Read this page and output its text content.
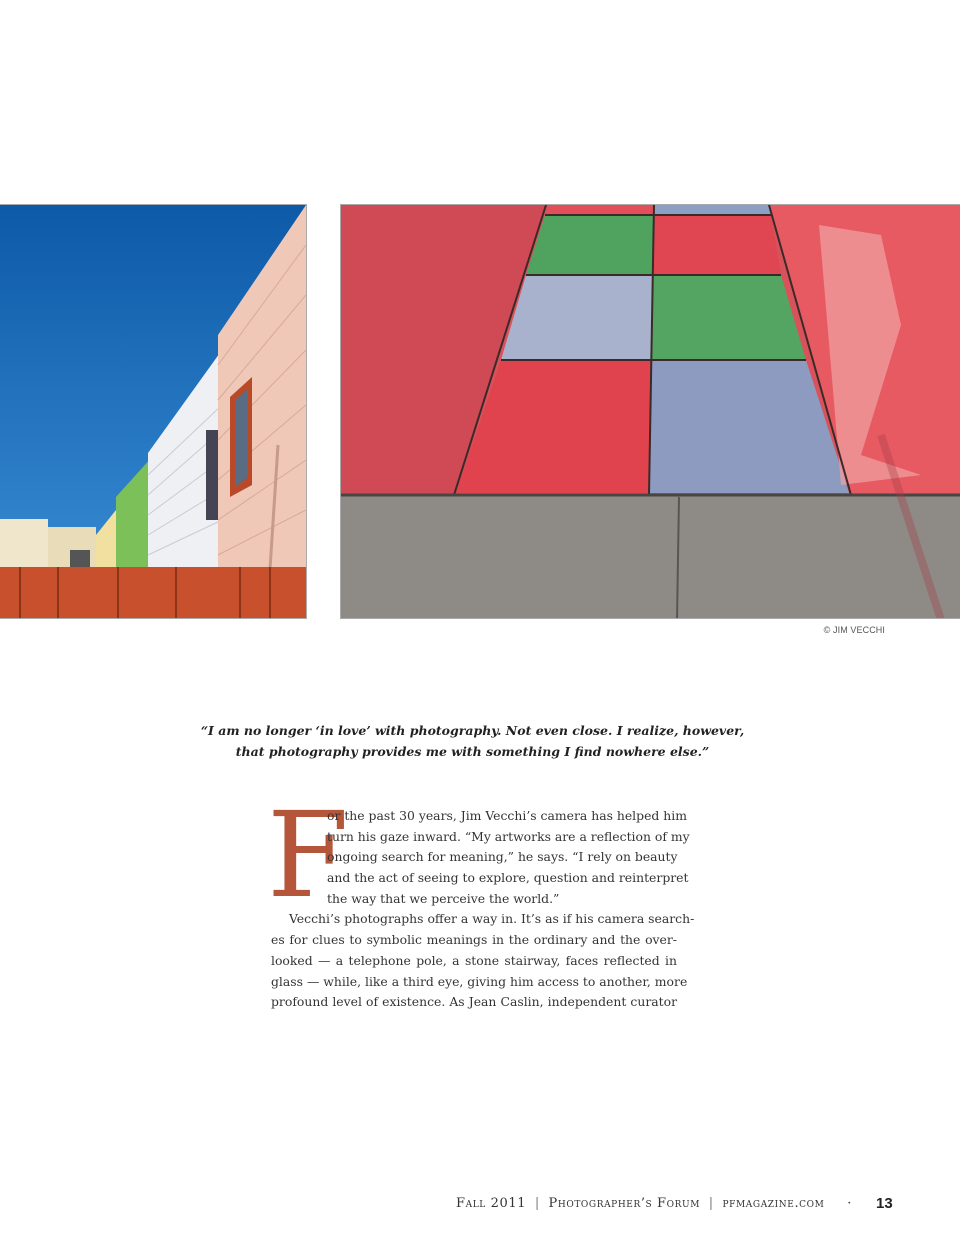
© JIM VECCHI
“I am no longer ‘in love’ with photography. Not even close. I realize, however,
that photography provides me with something I find nowhere else.”
F
or the past 30 years, Jim Vecchi’s camera has helped him
turn his gaze inward. “My artworks are a reflection of my
ongoing search for meaning,” he says. “I rely on beauty
and the act of seeing to explore, question and reinterpret
the way that we perceive the world.”
Vecchi’s photographs offer a way in. It’s as if his camera search-
es for clues to symbolic meanings in the ordinary and the over-
looked — a telephone pole, a stone stairway, faces reflected in
glass — while, like a third eye, giving him access to another, more
profound level of existence. As Jean Caslin, independent curator
Fall 2011 | Photographer’s Forum | pfmagazine.com ·	13
